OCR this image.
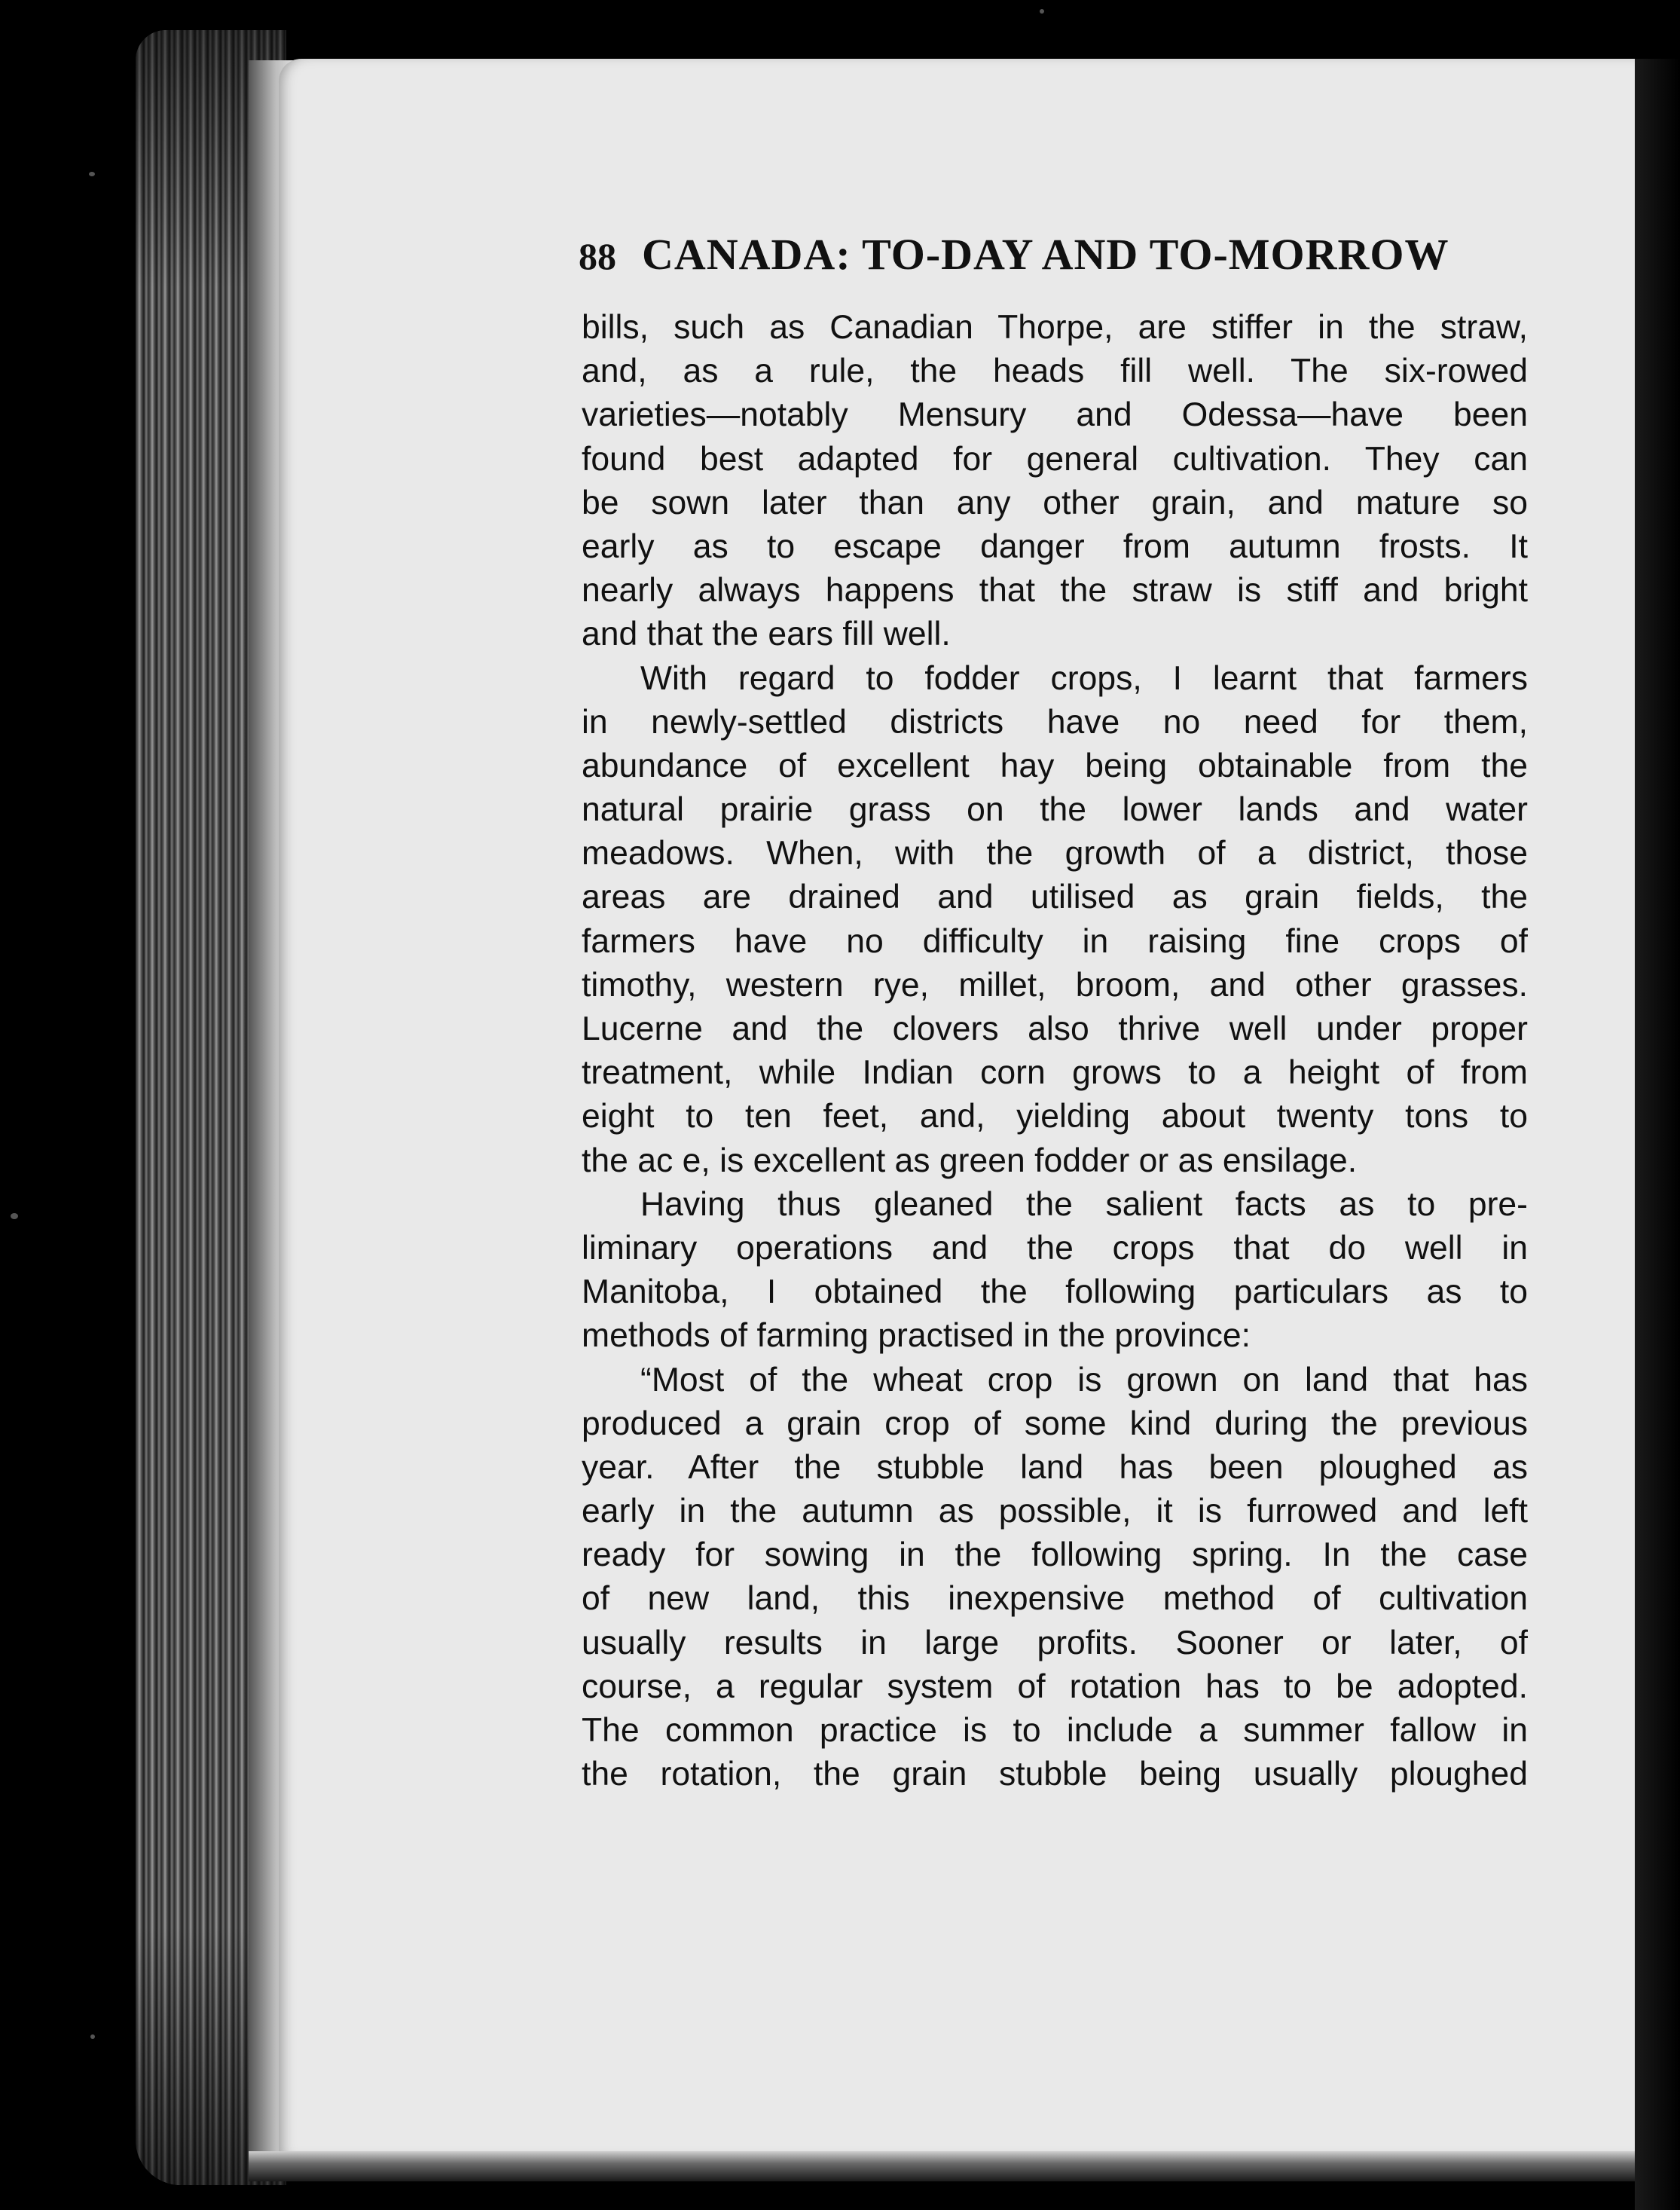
88 CANADA: TO-DAY AND TO-MORROW
bills, such as Canadian Thorpe, are stiffer in the straw,
and, as a rule, the heads fill well. The six-rowed
varieties—notably Mensury and Odessa—have been
found best adapted for general cultivation. They can
be sown later than any other grain, and mature so
early as to escape danger from autumn frosts. It
nearly always happens that the straw is stiff and bright
and that the ears fill well.
With regard to fodder crops, I learnt that farmers
in newly-settled districts have no need for them,
abundance of excellent hay being obtainable from the
natural prairie grass on the lower lands and water
meadows. When, with the growth of a district, those
areas are drained and utilised as grain fields, the
farmers have no difficulty in raising fine crops of
timothy, western rye, millet, broom, and other grasses.
Lucerne and the clovers also thrive well under proper
treatment, while Indian corn grows to a height of from
eight to ten feet, and, yielding about twenty tons to
the ac e, is excellent as green fodder or as ensilage.
Having thus gleaned the salient facts as to pre-
liminary operations and the crops that do well in
Manitoba, I obtained the following particulars as to
methods of farming practised in the province:
“Most of the wheat crop is grown on land that has
produced a grain crop of some kind during the previous
year. After the stubble land has been ploughed as
early in the autumn as possible, it is furrowed and left
ready for sowing in the following spring. In the case
of new land, this inexpensive method of cultivation
usually results in large profits. Sooner or later, of
course, a regular system of rotation has to be adopted.
The common practice is to include a summer fallow in
the rotation, the grain stubble being usually ploughed
